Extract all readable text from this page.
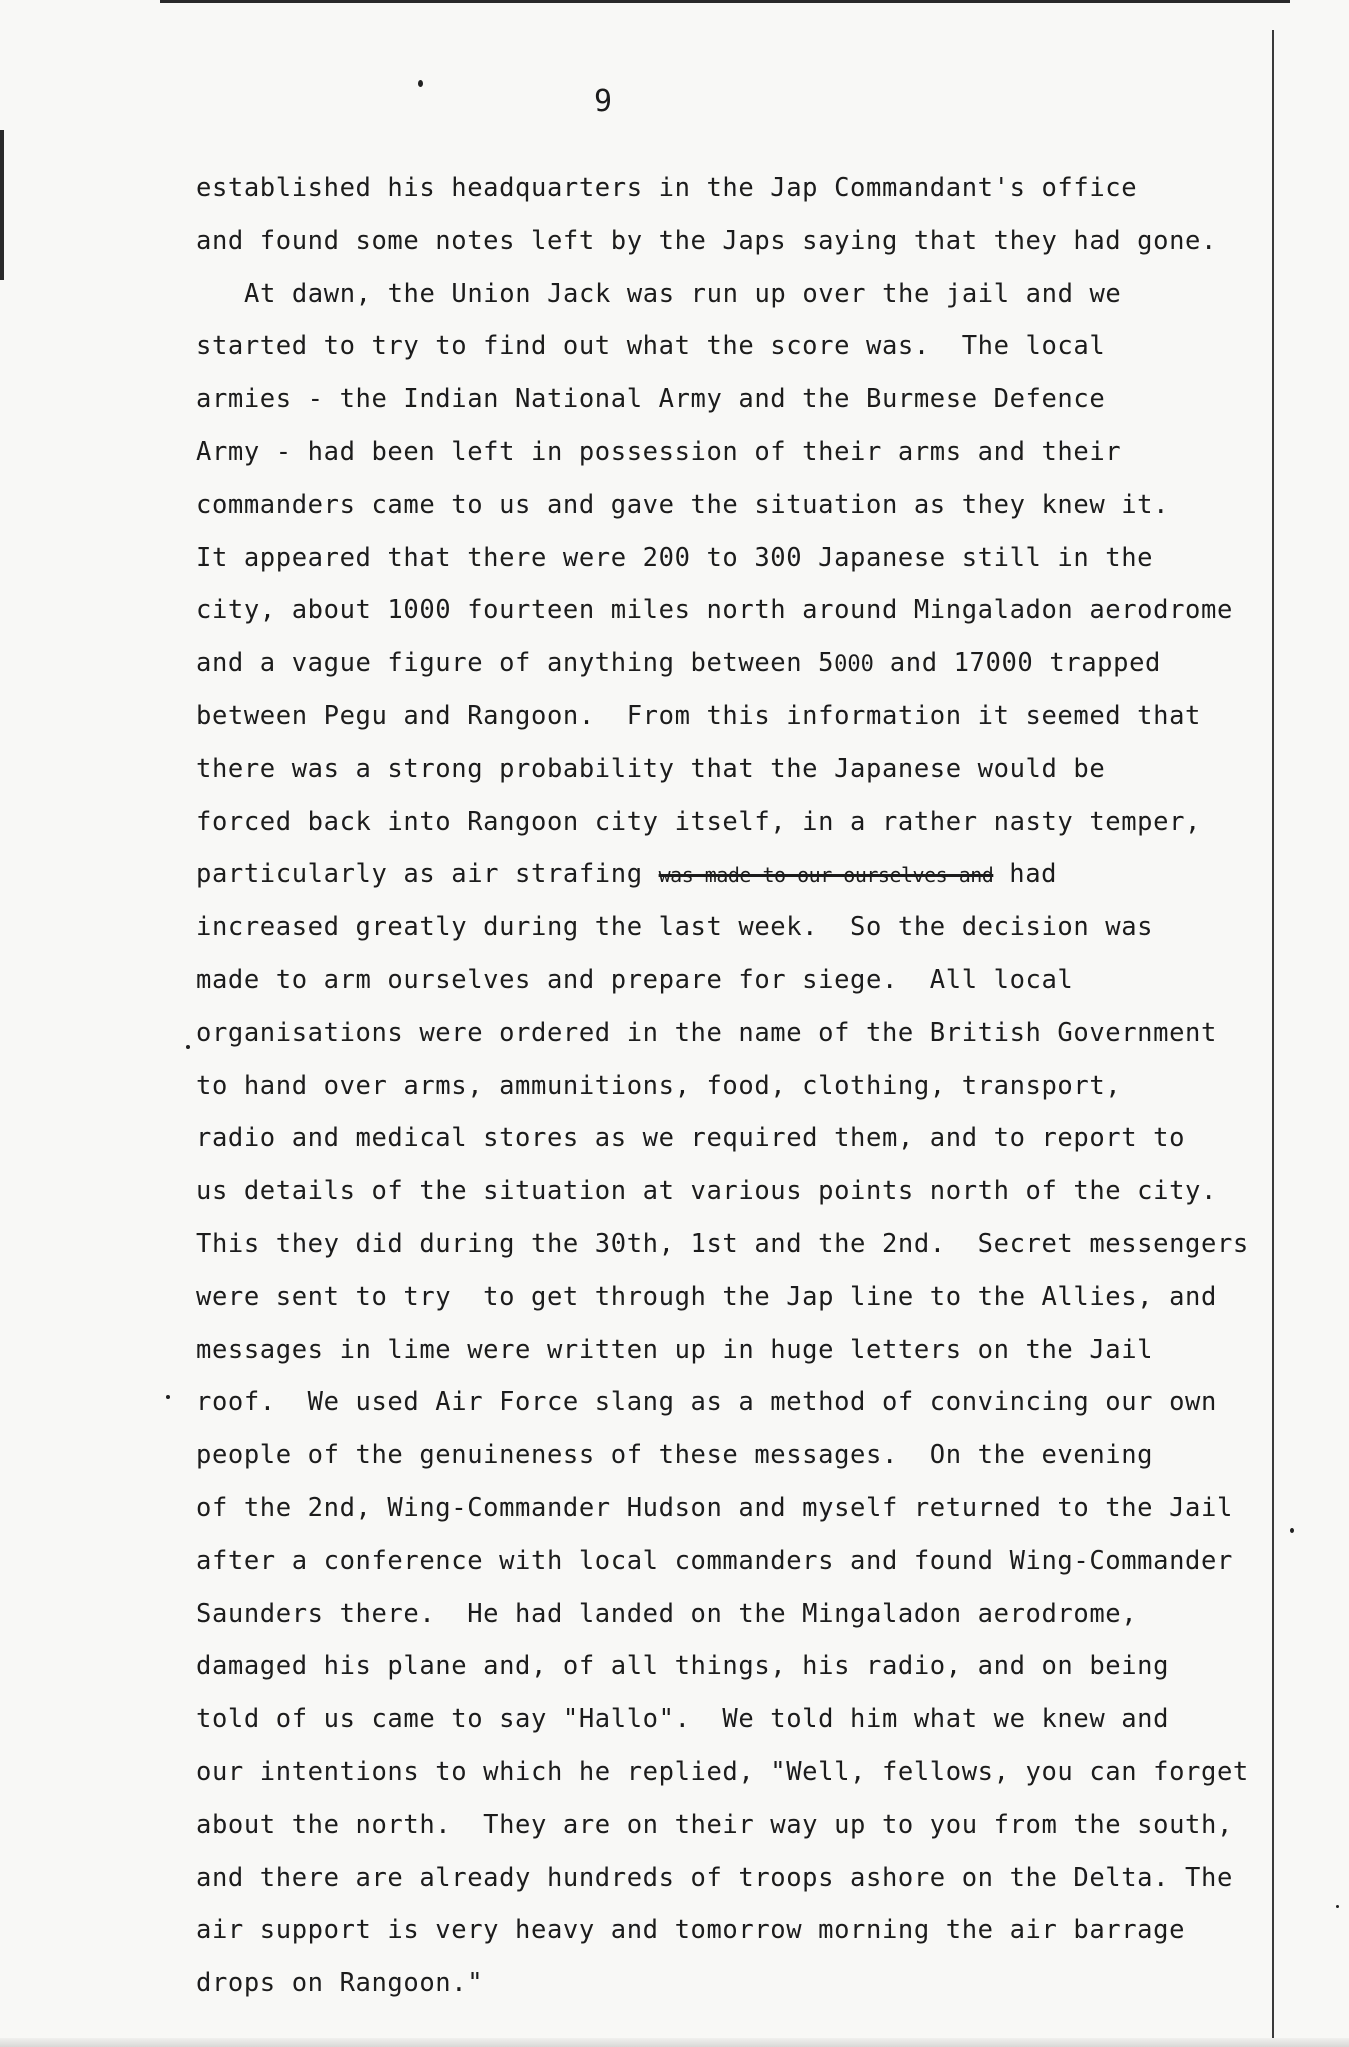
9
established his headquarters in the Jap Commandant's office
and found some notes left by the Japs saying that they had gone.
At dawn, the Union Jack was run up over the jail and we
started to try to find out what the score was.  The local
armies - the Indian National Army and the Burmese Defence
Army - had been left in possession of their arms and their
commanders came to us and gave the situation as they knew it.
It appeared that there were 200 to 300 Japanese still in the
city, about 1000 fourteen miles north around Mingaladon aerodrome
and a vague figure of anything between 5000 and 17000 trapped
between Pegu and Rangoon.  From this information it seemed that
there was a strong probability that the Japanese would be
forced back into Rangoon city itself, in a rather nasty temper,
particularly as air strafing was made to our ourselves and had
increased greatly during the last week.  So the decision was
made to arm ourselves and prepare for siege.  All local
organisations were ordered in the name of the British Government
to hand over arms, ammunitions, food, clothing, transport,
radio and medical stores as we required them, and to report to
us details of the situation at various points north of the city.
This they did during the 30th, 1st and the 2nd.  Secret messengers
were sent to try  to get through the Jap line to the Allies, and
messages in lime were written up in huge letters on the Jail
roof.  We used Air Force slang as a method of convincing our own
people of the genuineness of these messages.  On the evening
of the 2nd, Wing-Commander Hudson and myself returned to the Jail
after a conference with local commanders and found Wing-Commander
Saunders there.  He had landed on the Mingaladon aerodrome,
damaged his plane and, of all things, his radio, and on being
told of us came to say "Hallo".  We told him what we knew and
our intentions to which he replied, "Well, fellows, you can forget
about the north.  They are on their way up to you from the south,
and there are already hundreds of troops ashore on the Delta. The
air support is very heavy and tomorrow morning the air barrage
drops on Rangoon."
